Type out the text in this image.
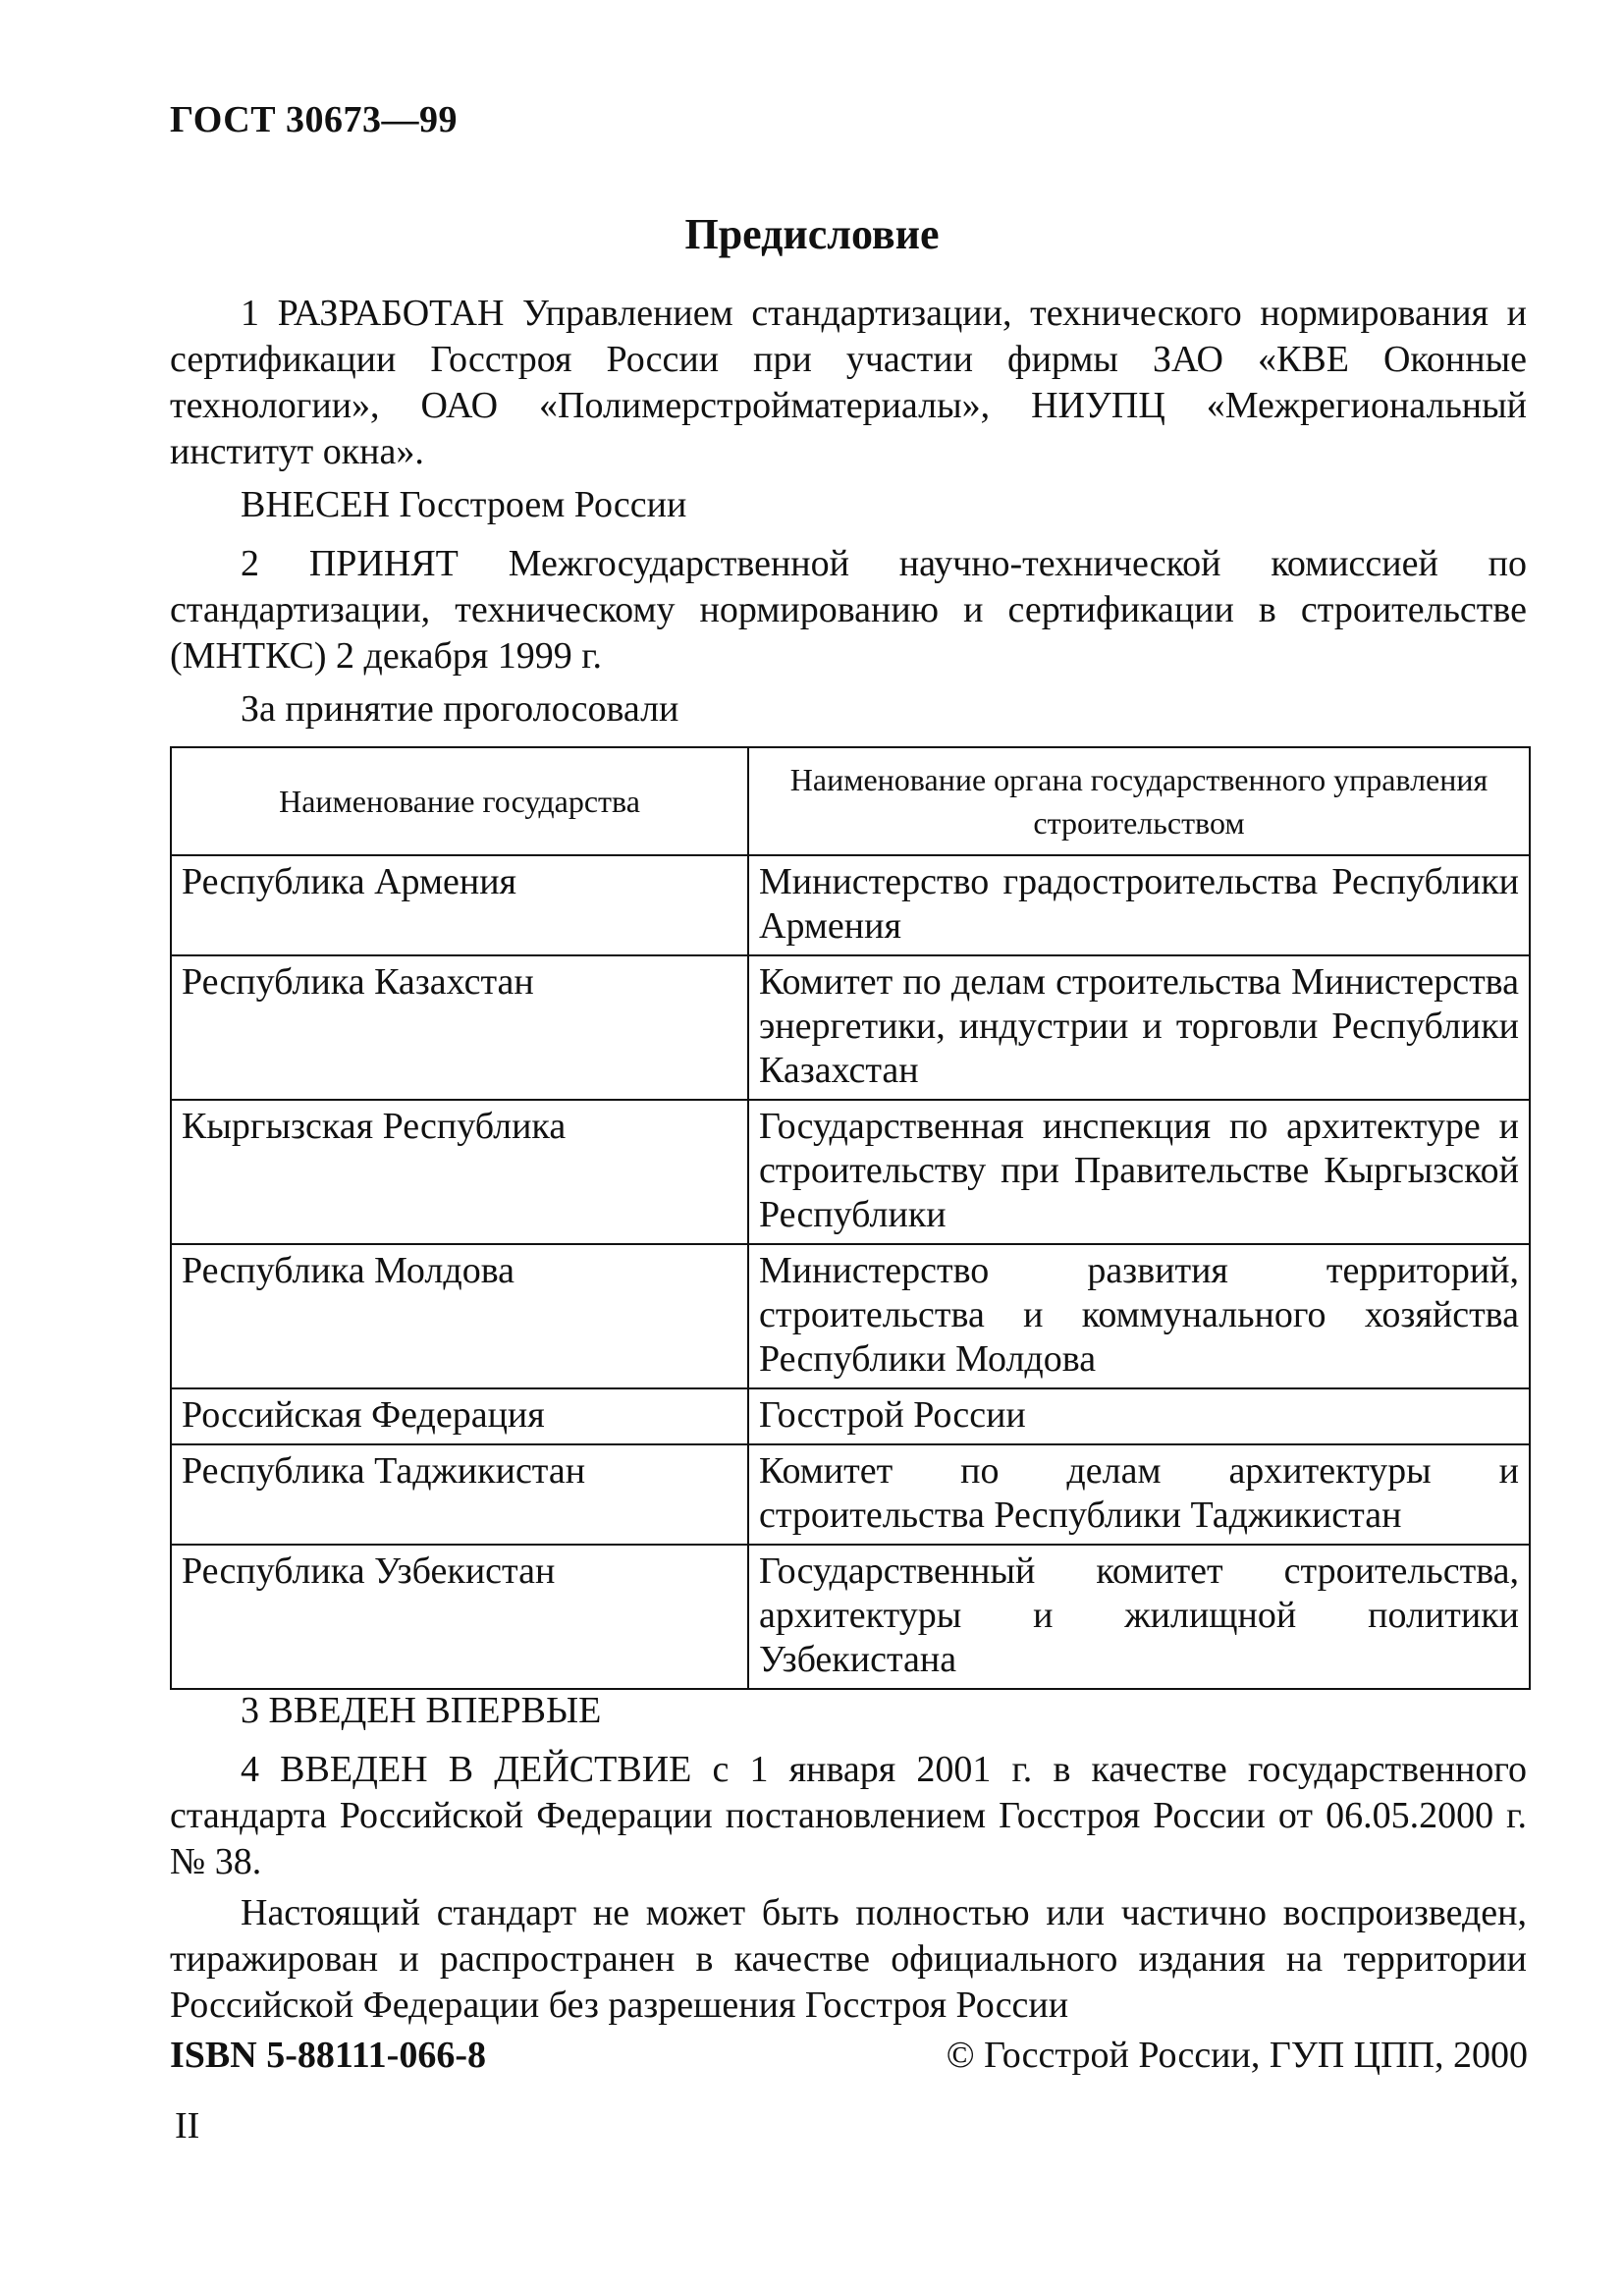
ГОСТ 30673—99
Предисловие
1 РАЗРАБОТАН Управлением стандартизации, технического нормирования и сертификации Госстроя России при участии фирмы ЗАО «КВЕ Оконные технологии», ОАО «Полимерстройматериалы», НИУПЦ «Межрегиональный институт окна».
ВНЕСЕН Госстроем России
2 ПРИНЯТ Межгосударственной научно-технической комиссией по стандартизации, техническому нормированию и сертификации в строительстве (МНТКС) 2 декабря 1999 г.
За принятие проголосовали
Наименование государства	Наименование органа государственного управления строительством
Республика Армения	Министерство градостроительства Республики Армения
Республика Казахстан	Комитет по делам строительства Министерства энергетики, индустрии и торговли Республики Казахстан
Кыргызская Республика	Государственная инспекция по архитектуре и строительству при Правительстве Кыргызской Республики
Республика Молдова	Министерство развития территорий, строительства и коммунального хозяйства Республики Молдова
Российская Федерация	Госстрой России
Республика Таджикистан	Комитет по делам архитектуры и строительства Республики Таджикистан
Республика Узбекистан	Государственный комитет строительства, архитектуры и жилищной политики Узбекистана
3 ВВЕДЕН ВПЕРВЫЕ
4 ВВЕДЕН В ДЕЙСТВИЕ с 1 января 2001 г. в качестве государственного стандарта Российской Федерации постановлением Госстроя России от 06.05.2000 г. № 38.
Настоящий стандарт не может быть полностью или частично воспроизведен, тиражирован и распространен в качестве официального издания на территории Российской Федерации без разрешения Госстроя России
ISBN 5-88111-066-8	© Госстрой России, ГУП ЦПП, 2000
II
